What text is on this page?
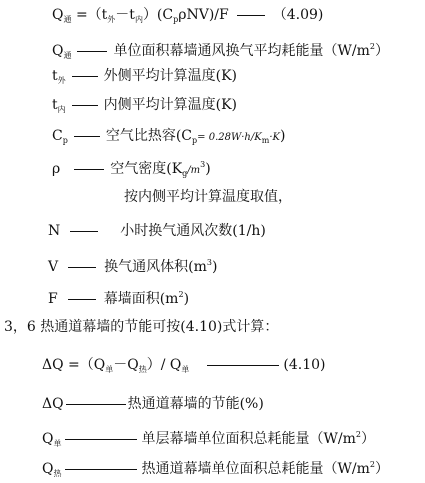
$Q_通 =(t_外-t_内)(C_p\rho NV)/F$	（4.09)
$Q_通$	单位面积幕墙通风换气平均耗能量$(W/m^2)$
$t_外$	外侧平均计算温度(K)
$t_内$	内侧平均计算温度(K)
$C_p$	空气比热容$(C_p= 0.28W\cdot h/K_m\cdot K)$
ρ	空气密度$(K_g/m^3)$
按内侧平均计算温度取值，
N	小时换气通风次数(1/h)
V	换气通风体积$(m^3)$
F	幕墙面积$(m^2)$
3，6 热通道幕墙的节能可按(4.10)式计算：
$\Delta Q =(Q_单-Q_热)/$ $Q_单$	(4.10)
ΔQ	热通道幕墙的节能(%)
$Q_单$	单层幕墙单位面积总耗能量$(W/m^2)$
$Q_热$	热通道幕墙单位面积总耗能量$(W/m^2)$
